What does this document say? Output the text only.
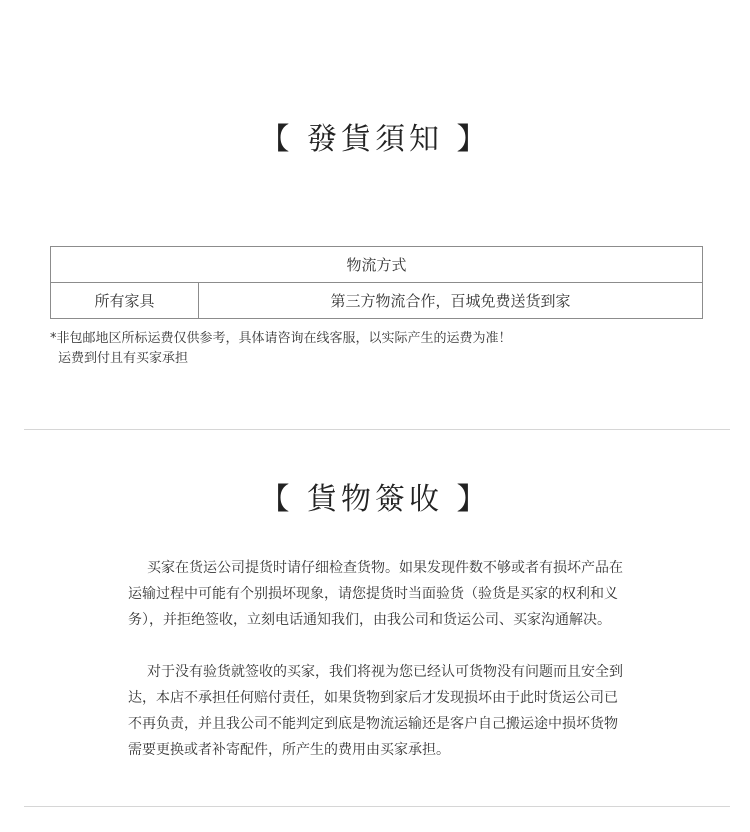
【 發貨須知 】
物流方式
所有家具	第三方物流合作，百城免费送货到家
*非包邮地区所标运费仅供参考，具体请咨询在线客服，以实际产生的运费为准！
运费到付且有买家承担
【 貨物簽收 】
买家在货运公司提货时请仔细检查货物。如果发现件数不够或者有损坏产品在
运输过程中可能有个别损坏现象，请您提货时当面验货（验货是买家的权利和义
务），并拒绝签收，立刻电话通知我们，由我公司和货运公司、买家沟通解决。
对于没有验货就签收的买家，我们将视为您已经认可货物没有问题而且安全到
达，本店不承担任何赔付责任，如果货物到家后才发现损坏由于此时货运公司已
不再负责，并且我公司不能判定到底是物流运输还是客户自己搬运途中损坏货物
需要更换或者补寄配件，所产生的费用由买家承担。
